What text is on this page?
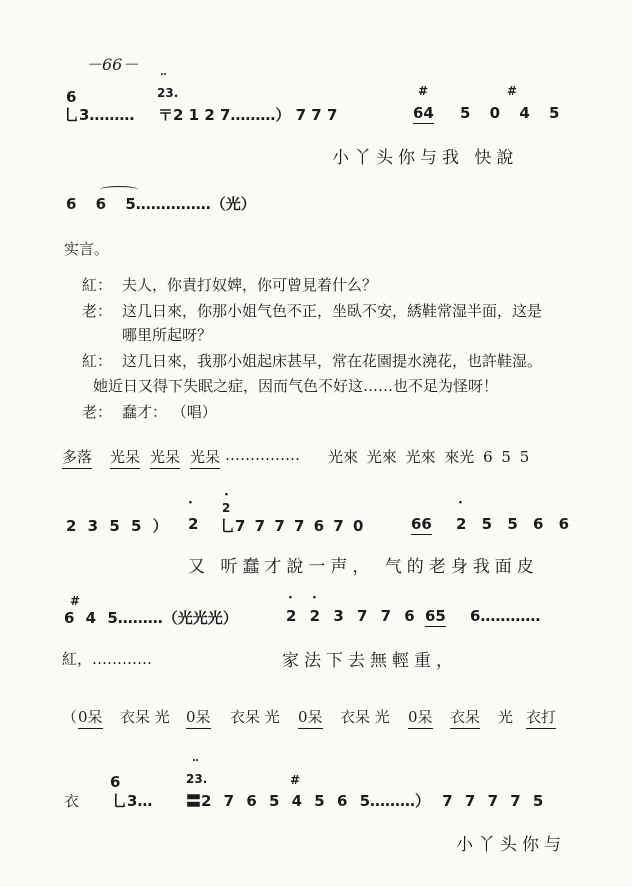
－66－
6
乚3………
¨
23.
〒2 1 2 7………） 7 7 7	64
#	#
5 0 4 5
小丫头你与我 快說
6 6 5……………（光）
实言。
紅： 夫人，你責打奴婢，你可曾見着什么？
老： 这几日來，你那小姐气色不正，坐臥不安，綉鞋常湿半面，这是
哪里所起呀？
紅： 这几日來，我那小姐起床甚早，常在花園提水澆花，也許鞋湿。
她近日又得下失眠之症，因而气色不好这……也不足为怪呀！
老： 蠢才： （唱）
多落 光呆 光呆 光呆 …………… 光來 光來 光來 來光 6 5 5
2 3 5 5 ）
·
2
·
2
乚7 7 7 7 6 7 0	66
·
2 5 5 6 6
又 听蠢才說一声， 气的老身我面皮
#
6 4 5………（光光光）
· ·
2 2 3 7 7 6 65 6…………
紅，…………	家法下去無輕重，
（ 0呆 衣呆 光 0呆 衣呆 光 0呆 衣呆 光 0呆 衣呆 光 衣打
衣
6
乚3…
¨
23.	#
〓2 7 6 5 4 5 6 5………） 7 7 7 7 5
小丫头你与
